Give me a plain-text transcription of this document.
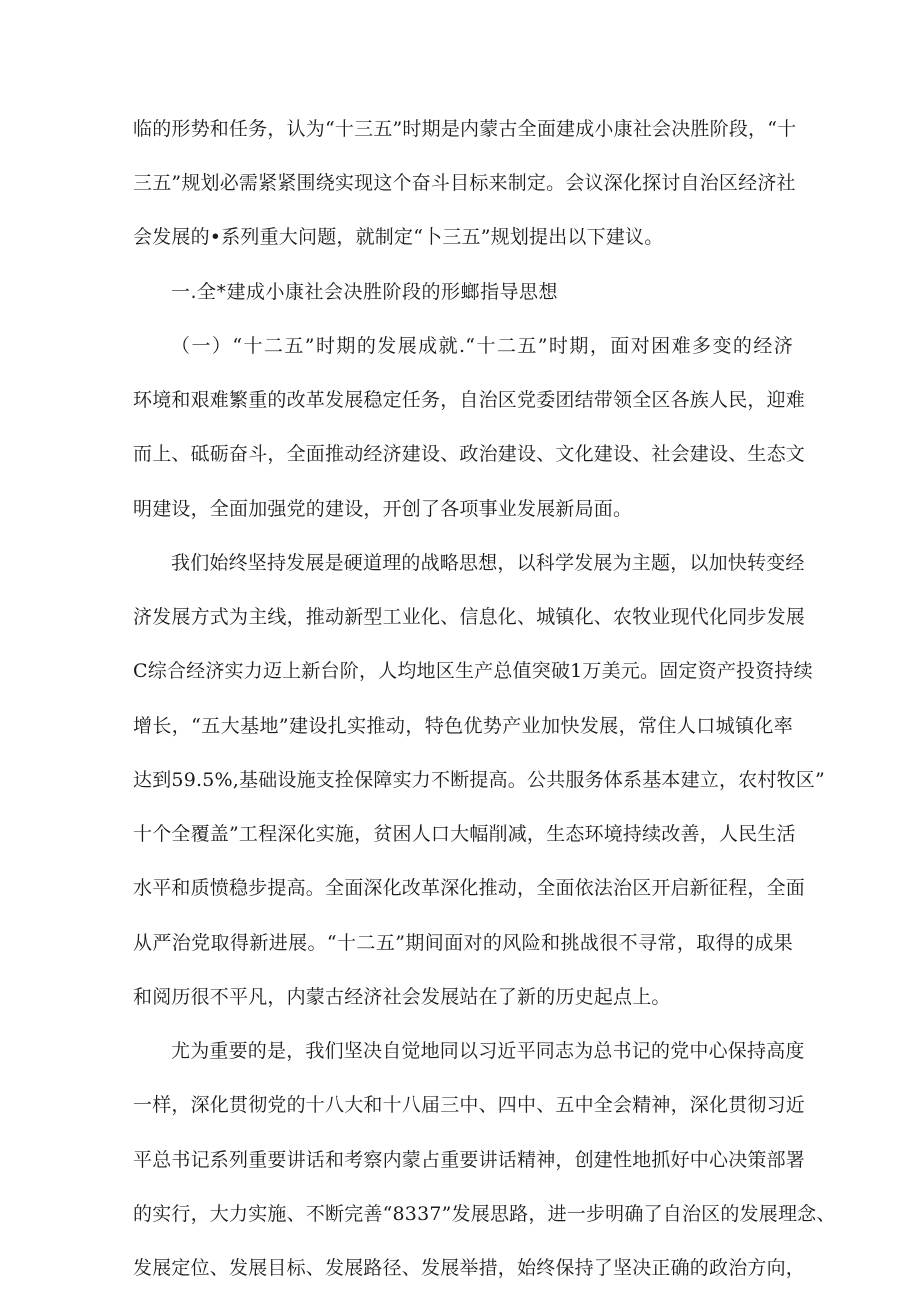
临的形势和任务，认为“十三五”时期是内蒙古全面建成小康社会决胜阶段，“十
三五”规划必需紧紧围绕实现这个奋斗目标来制定。会议深化探讨自治区经济社
会发展的•系列重大问题，就制定“卜三五”规划提出以下建议。
一.全*建成小康社会决胜阶段的形螂指导思想
（一）“十二五”时期的发展成就.“十二五”时期，面对困难多变的经济
环境和艰难繁重的改革发展稳定任务，自治区党委团结带领全区各族人民，迎难
而上、砥砺奋斗，全面推动经济建设、政治建设、文化建设、社会建设、生态文
明建设，全面加强党的建设，开创了各项事业发展新局面。
我们始终坚持发展是硬道理的战略思想，以科学发展为主题，以加快转变经
济发展方式为主线，推动新型工业化、信息化、城镇化、农牧业现代化同步发展
C综合经济实力迈上新台阶，人均地区生产总值突破1万美元。固定资产投资持续
增长，“五大基地”建设扎实推动，特色优势产业加快发展，常住人口城镇化率
达到59.5%,基础设施支拴保障实力不断提高。公共服务体系基本建立，农村牧区”
十个全覆盖”工程深化实施，贫困人口大幅削减，生态环境持续改善，人民生活
水平和质愤稳步提高。全面深化改革深化推动，全面依法治区开启新征程，全面
从严治党取得新进展。“十二五”期间面对的风险和挑战很不寻常，取得的成果
和阅历很不平凡，内蒙古经济社会发展站在了新的历史起点上。
尤为重要的是，我们坚决自觉地同以习近平同志为总书记的党中心保持高度
一样，深化贯彻党的十八大和十八届三中、四中、五中全会精神，深化贯彻习近
平总书记系列重要讲话和考察内蒙占重要讲话精神，创建性地抓好中心决策部署
的实行，大力实施、不断完善“8337”发展思路，进一步明确了自治区的发展理念、
发展定位、发展目标、发展路径、发展举措，始终保持了坚决正确的政治方向，
